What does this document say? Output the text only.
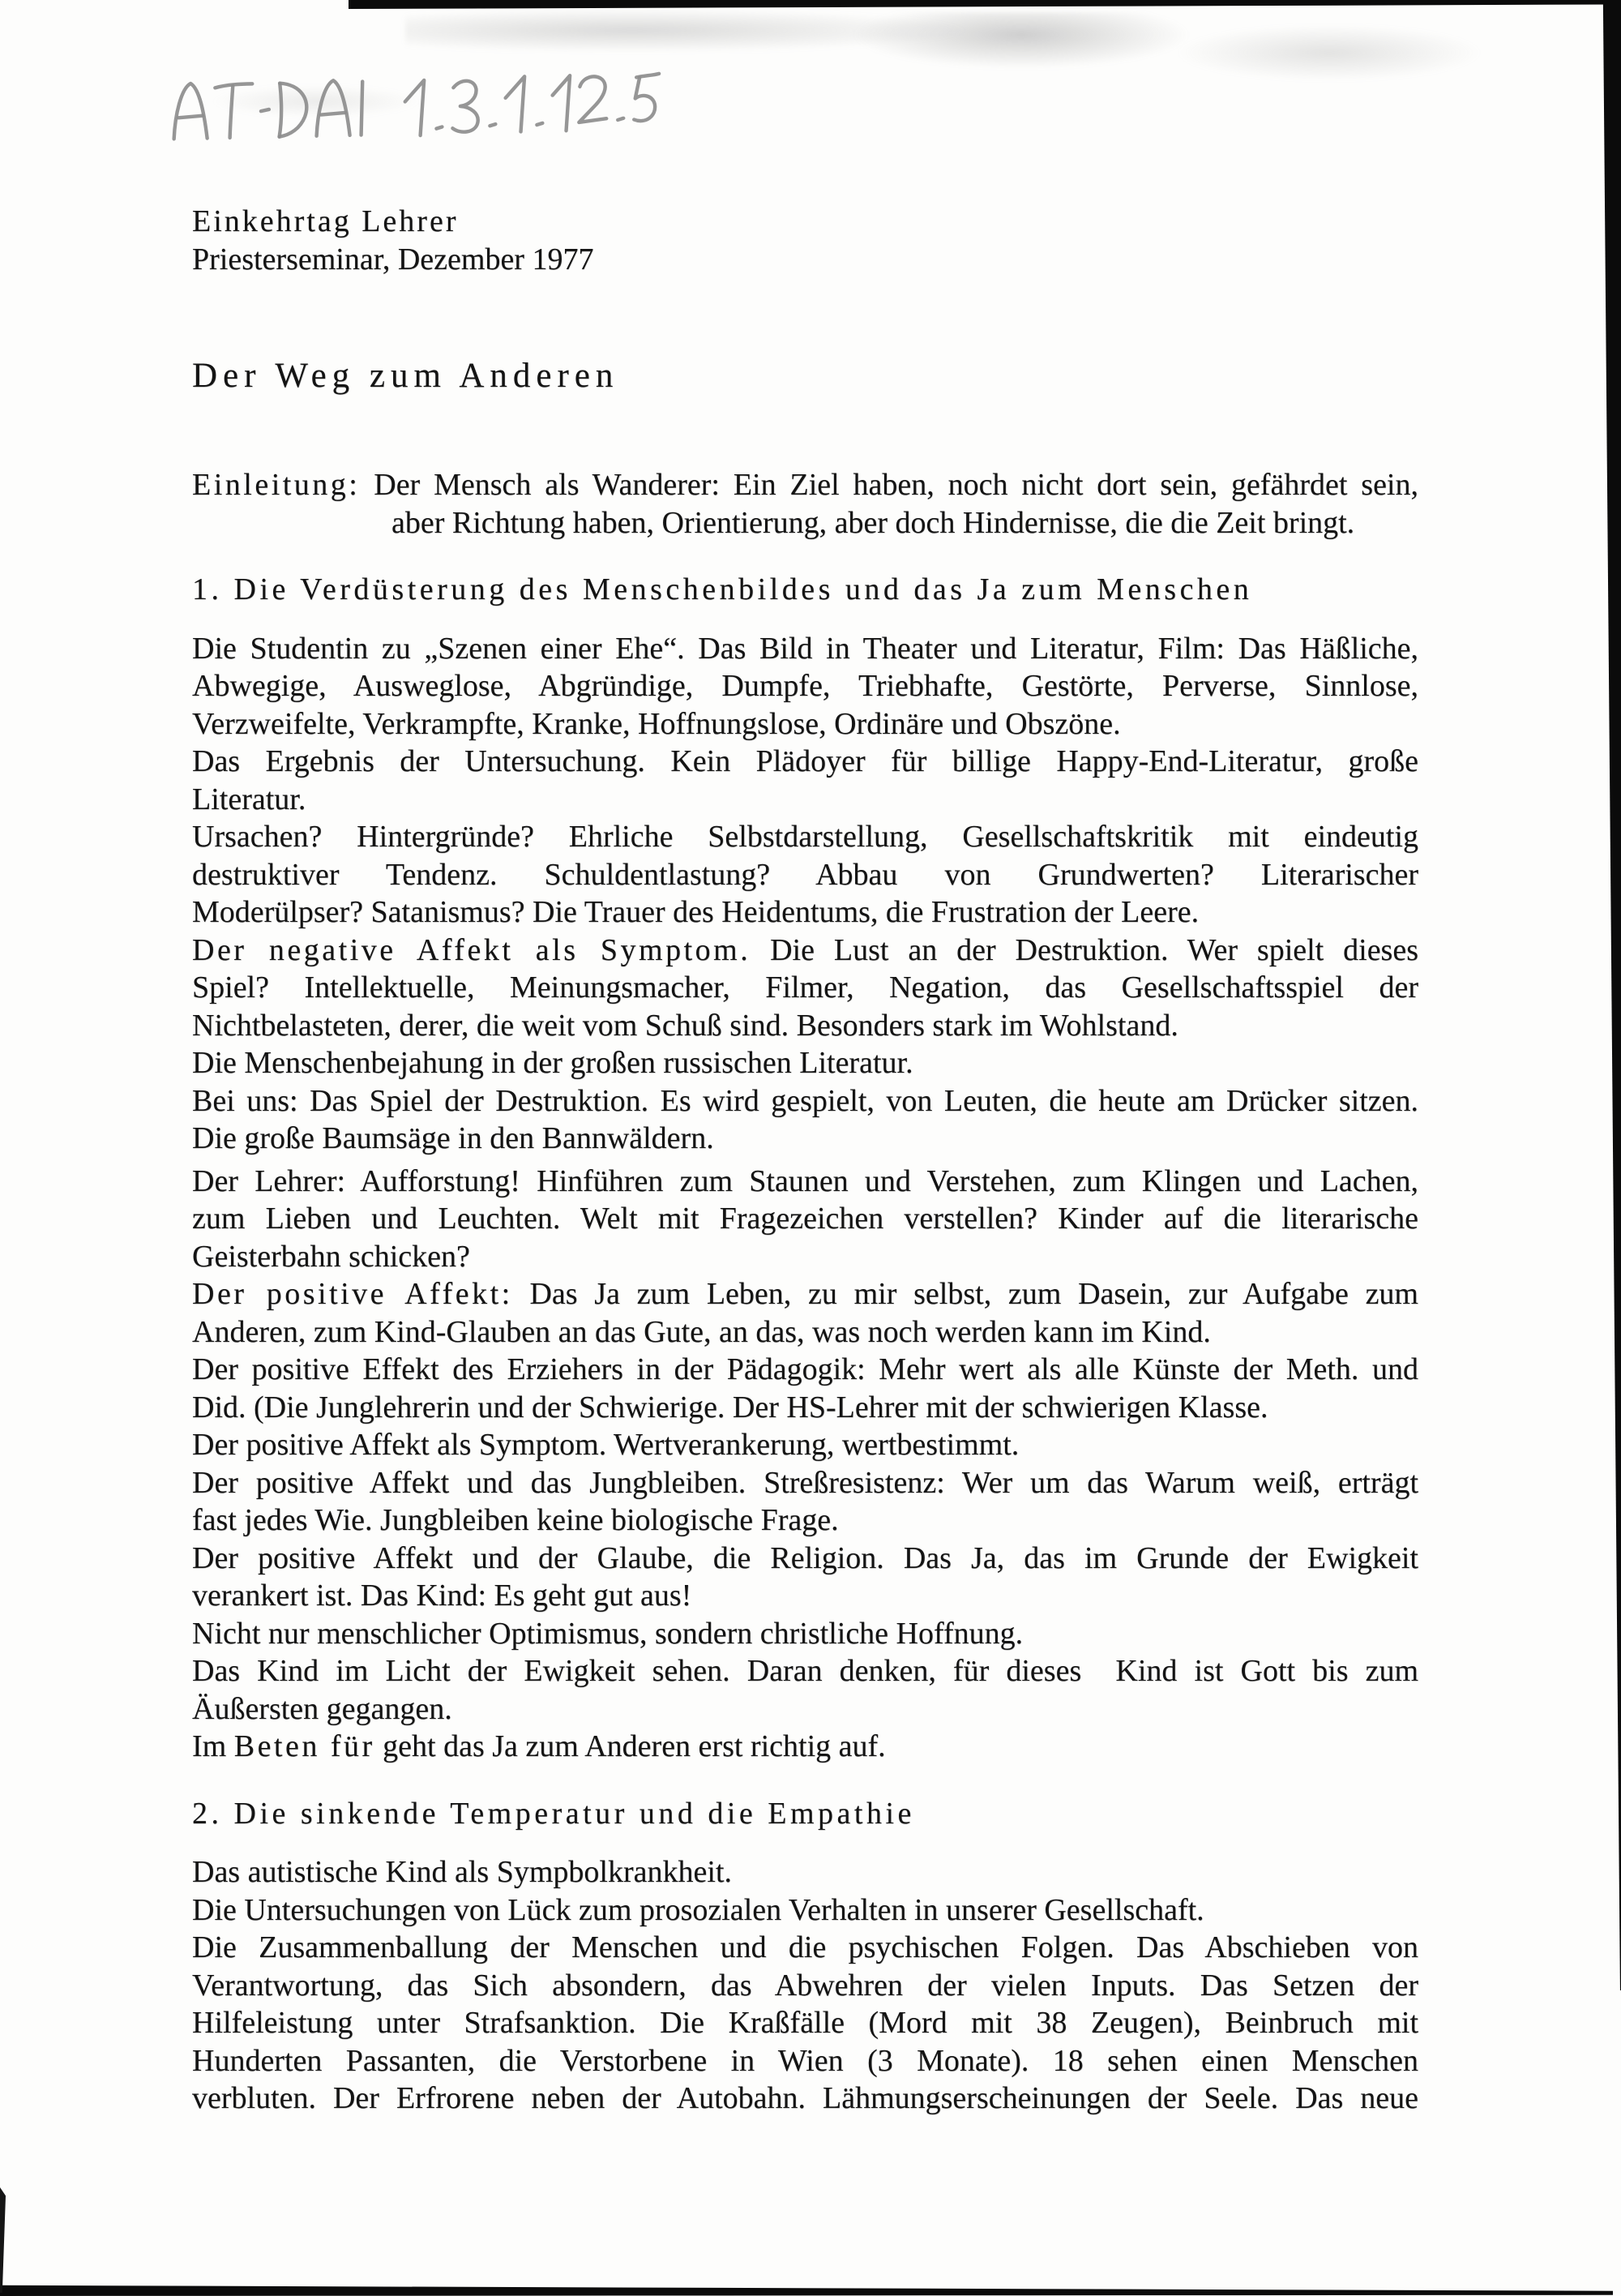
Einkehrtag Lehrer
Priesterseminar, Dezember 1977
Der Weg zum Anderen
Einleitung: Der Mensch als Wanderer: Ein Ziel haben, noch nicht dort sein, gefährdet sein,
aber Richtung haben, Orientierung, aber doch Hindernisse, die die Zeit bringt.
1. Die Verdüsterung des Menschenbildes und das Ja zum Menschen
Die Studentin zu „Szenen einer Ehe“. Das Bild in Theater und Literatur, Film: Das Häßliche,
Abwegige, Ausweglose, Abgründige, Dumpfe, Triebhafte, Gestörte, Perverse, Sinnlose,
Verzweifelte, Verkrampfte, Kranke, Hoffnungslose, Ordinäre und Obszöne.
Das Ergebnis der Untersuchung. Kein Plädoyer für billige Happy-End-Literatur, große
Literatur.
Ursachen? Hintergründe? Ehrliche Selbstdarstellung, Gesellschaftskritik mit eindeutig
destruktiver Tendenz. Schuldentlastung? Abbau von Grundwerten? Literarischer
Moderülpser? Satanismus? Die Trauer des Heidentums, die Frustration der Leere.
Der negative Affekt als Symptom. Die Lust an der Destruktion. Wer spielt dieses
Spiel? Intellektuelle, Meinungsmacher, Filmer, Negation, das Gesellschaftsspiel der
Nichtbelasteten, derer, die weit vom Schuß sind. Besonders stark im Wohlstand.
Die Menschenbejahung in der großen russischen Literatur.
Bei uns: Das Spiel der Destruktion. Es wird gespielt, von Leuten, die heute am Drücker sitzen.
Die große Baumsäge in den Bannwäldern.
Der Lehrer: Aufforstung! Hinführen zum Staunen und Verstehen, zum Klingen und Lachen,
zum Lieben und Leuchten. Welt mit Fragezeichen verstellen? Kinder auf die literarische
Geisterbahn schicken?
Der positive Affekt: Das Ja zum Leben, zu mir selbst, zum Dasein, zur Aufgabe zum
Anderen, zum Kind-Glauben an das Gute, an das, was noch werden kann im Kind.
Der positive Effekt des Erziehers in der Pädagogik: Mehr wert als alle Künste der Meth. und
Did. (Die Junglehrerin und der Schwierige. Der HS-Lehrer mit der schwierigen Klasse.
Der positive Affekt als Symptom. Wertverankerung, wertbestimmt.
Der positive Affekt und das Jungbleiben. Streßresistenz: Wer um das Warum weiß, erträgt
fast jedes Wie. Jungbleiben keine biologische Frage.
Der positive Affekt und der Glaube, die Religion. Das Ja, das im Grunde der Ewigkeit
verankert ist. Das Kind: Es geht gut aus!
Nicht nur menschlicher Optimismus, sondern christliche Hoffnung.
Das Kind im Licht der Ewigkeit sehen. Daran denken, für dieses  Kind ist Gott bis zum
Äußersten gegangen.
Im Beten für geht das Ja zum Anderen erst richtig auf.
2. Die sinkende Temperatur und die Empathie
Das autistische Kind als Sympbolkrankheit.
Die Untersuchungen von Lück zum prosozialen Verhalten in unserer Gesellschaft.
Die Zusammenballung der Menschen und die psychischen Folgen. Das Abschieben von
Verantwortung, das Sich absondern, das Abwehren der vielen Inputs. Das Setzen der
Hilfeleistung unter Strafsanktion. Die Kraßfälle (Mord mit 38 Zeugen), Beinbruch mit
Hunderten Passanten, die Verstorbene in Wien (3 Monate). 18 sehen einen Menschen
verbluten. Der Erfrorene neben der Autobahn. Lähmungserscheinungen der Seele. Das neue
